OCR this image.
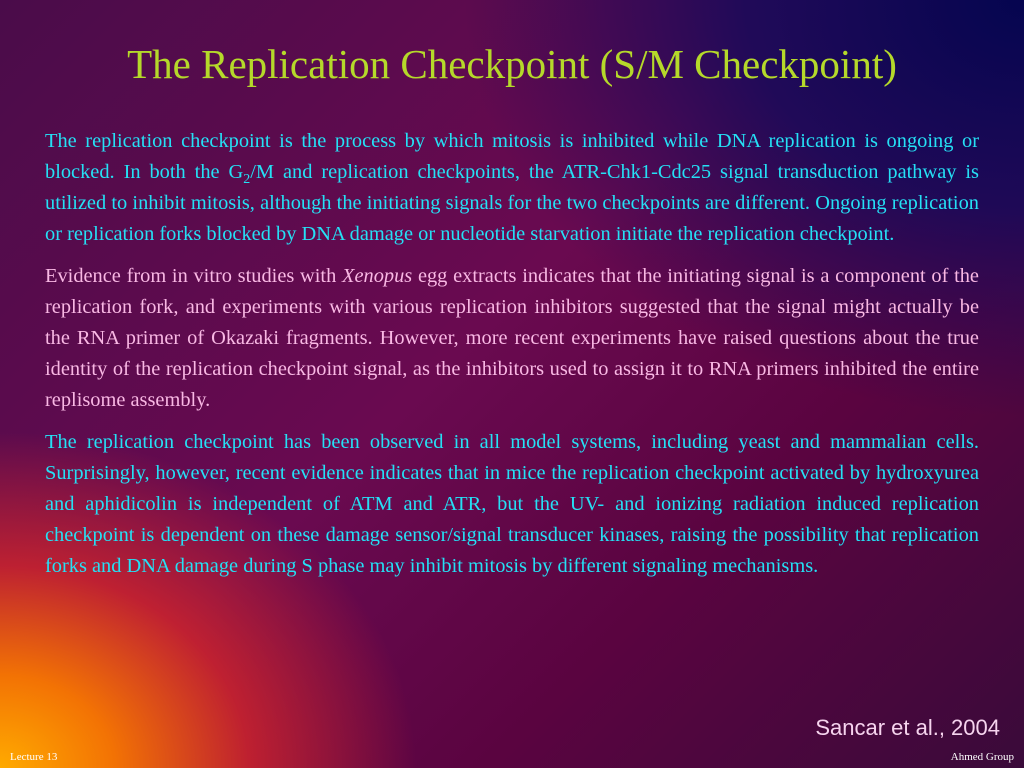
The Replication Checkpoint (S/M Checkpoint)

The replication checkpoint is the process by which mitosis is inhibited while DNA replication is ongoing or blocked. In both the $G_2/M$ and replication checkpoints, the ATR-Chk1-Cdc25 signal transduction pathway is utilized to inhibit mitosis, although the initiating signals for the two checkpoints are different. Ongoing replication or replication forks blocked by DNA damage or nucleotide starvation initiate the replication checkpoint.

Evidence from in vitro studies with Xenopus egg extracts indicates that the initiating signal is a component of the replication fork, and experiments with various replication inhibitors suggested that the signal might actually be the RNA primer of Okazaki fragments. However, more recent experiments have raised questions about the true identity of the replication checkpoint signal, as the inhibitors used to assign it to RNA primers inhibited the entire replisome assembly.

The replication checkpoint has been observed in all model systems, including yeast and mammalian cells. Surprisingly, however, recent evidence indicates that in mice the replication checkpoint activated by hydroxyurea and aphidicolin is independent of ATM and ATR, but the UV- and ionizing radiation induced replication checkpoint is dependent on these damage sensor/signal transducer kinases, raising the possibility that replication forks and DNA damage during S phase may inhibit mitosis by different signaling mechanisms.

Sancar et al., 2004
Lecture 13	Ahmed Group
